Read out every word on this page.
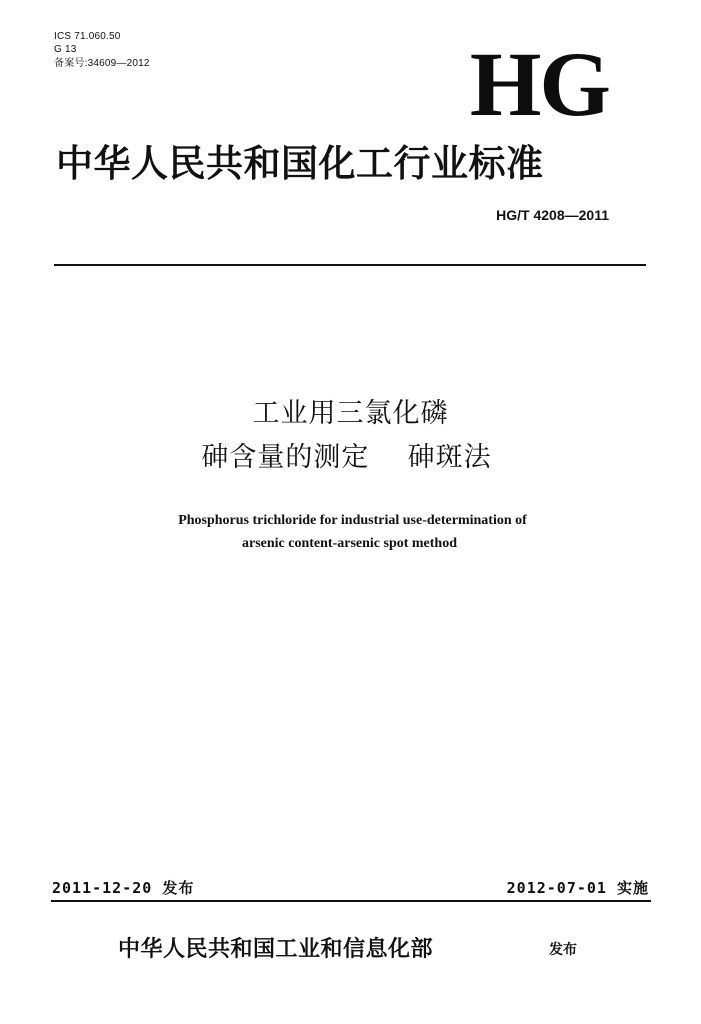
ICS 71.060.50
G 13
备案号:34609—2012	HG
中华人民共和国化工行业标准
HG/T 4208—2011
工业用三氯化磷
砷含量的测定    砷斑法
Phosphorus trichloride for industrial use-determination of
arsenic content-arsenic spot method
2011-12-20 发布	2012-07-01 实施
中华人民共和国工业和信息化部	发布
